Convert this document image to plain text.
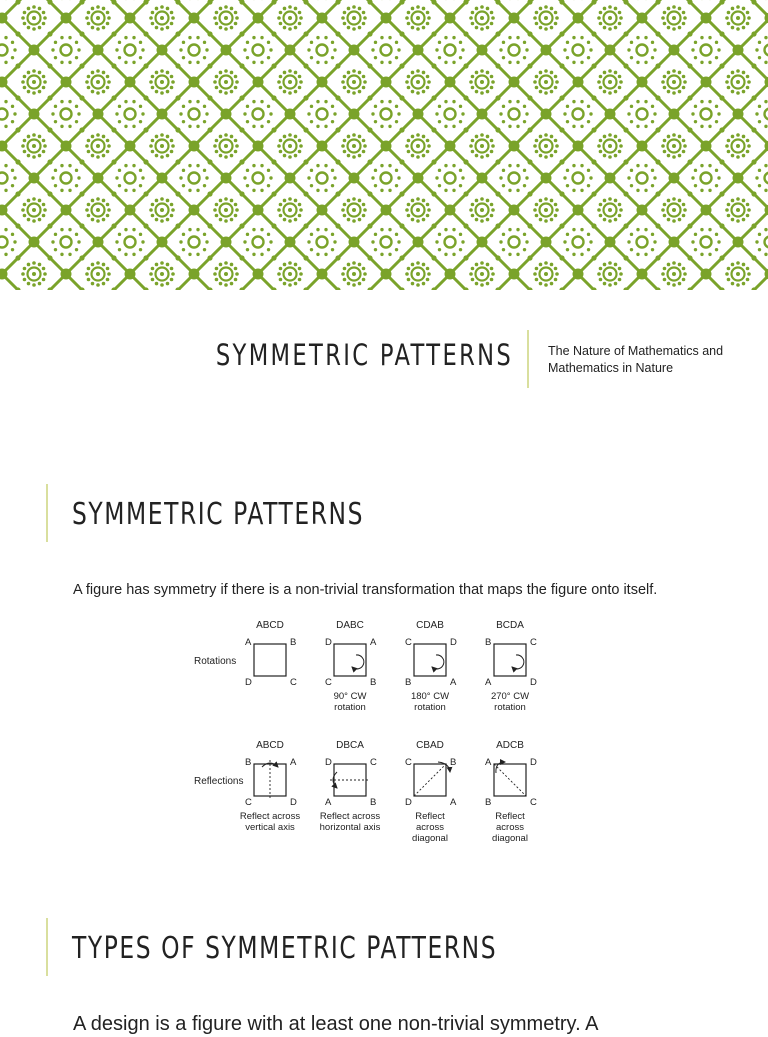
SYMMETRIC PATTERNS	The Nature of Mathematics and Mathematics in Nature
SYMMETRIC PATTERNS

A figure has symmetry if there is a non-trivial transformation that maps the figure onto itself.

Rotations
ABCD
A	B
C
D
DABC
D	A
B
C
90° CW
rotation
CDAB
C	D
A
B
180° CW
rotation
BCDA
B	C
D
A
270° CW
rotation
Reflections
ABCD
B	A
D
C
Reflect across
vertical axis
DBCA
D	C
B
A
Reflect across
horizontal axis
CBAD
C	B
A
D
Reflect
across
diagonal
ADCB
A	D
C
B
Reflect
across
diagonal
TYPES OF SYMMETRIC PATTERNS

A design is a figure with at least one non-trivial symmetry. A
